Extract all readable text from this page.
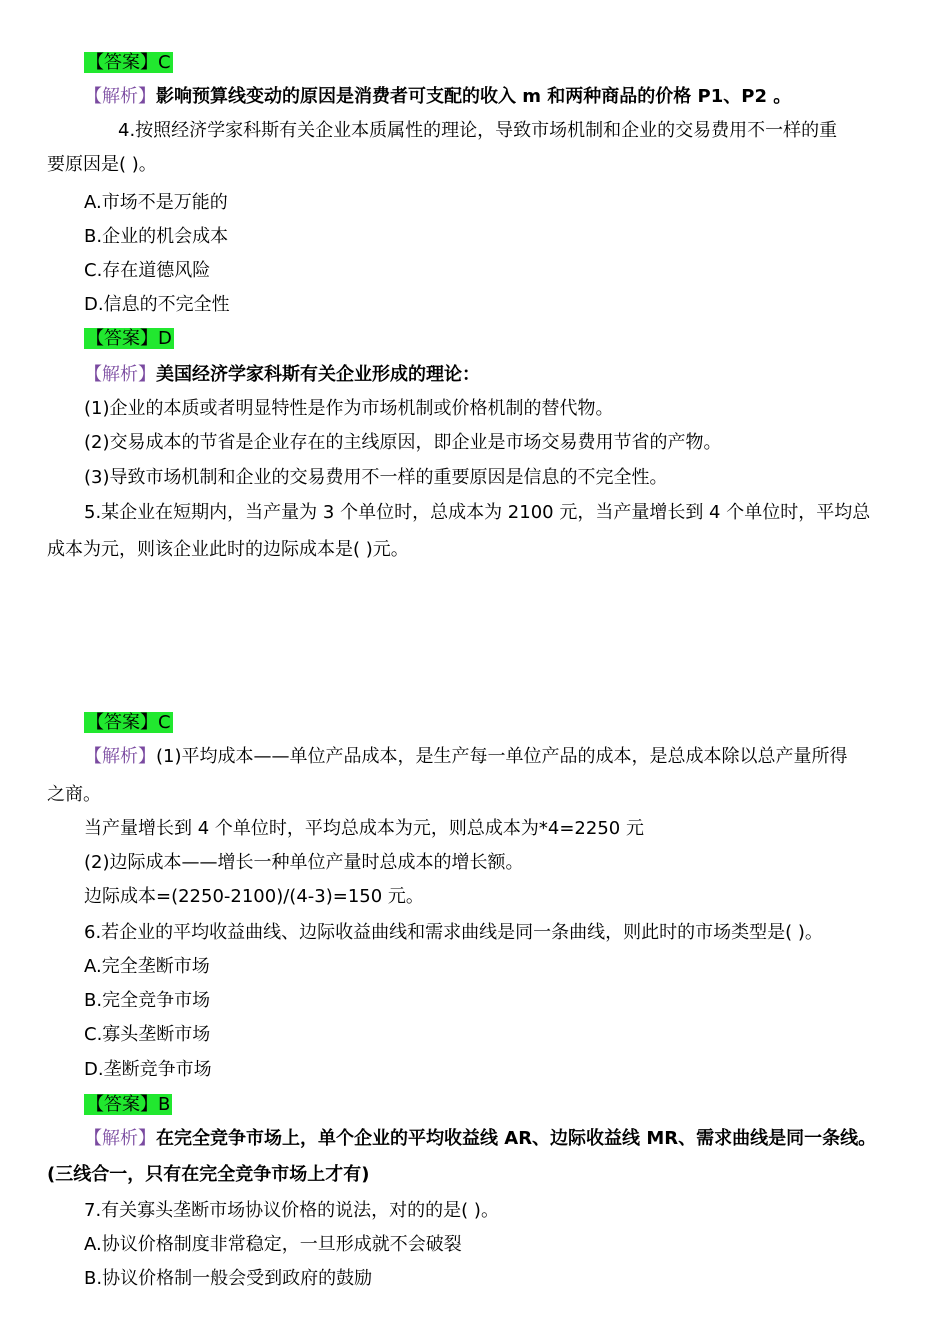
【答案】C
【解析】影响预算线变动的原因是消费者可支配的收入 m 和两种商品的价格 P1、P2 。
4.按照经济学家科斯有关企业本质属性的理论，导致市场机制和企业的交易费用不一样的重
要原因是( )。
A.市场不是万能的
B.企业的机会成本
C.存在道德风险
D.信息的不完全性
【答案】D
【解析】美国经济学家科斯有关企业形成的理论：
(1)企业的本质或者明显特性是作为市场机制或价格机制的替代物。
(2)交易成本的节省是企业存在的主线原因，即企业是市场交易费用节省的产物。
(3)导致市场机制和企业的交易费用不一样的重要原因是信息的不完全性。
5.某企业在短期内，当产量为 3 个单位时，总成本为 2100 元，当产量增长到 4 个单位时，平均总
成本为元，则该企业此时的边际成本是( )元。
【答案】C
【解析】(1)平均成本——单位产品成本，是生产每一单位产品的成本，是总成本除以总产量所得
之商。
当产量增长到 4 个单位时，平均总成本为元，则总成本为*4=2250 元
(2)边际成本——增长一种单位产量时总成本的增长额。
边际成本=(2250-2100)/(4-3)=150 元。
6.若企业的平均收益曲线、边际收益曲线和需求曲线是同一条曲线，则此时的市场类型是( )。
A.完全垄断市场
B.完全竞争市场
C.寡头垄断市场
D.垄断竞争市场
【答案】B
【解析】在完全竞争市场上，单个企业的平均收益线 AR、边际收益线 MR、需求曲线是同一条线。
(三线合一，只有在完全竞争市场上才有)
7.有关寡头垄断市场协议价格的说法，对的的是( )。
A.协议价格制度非常稳定，一旦形成就不会破裂
B.协议价格制一般会受到政府的鼓励
